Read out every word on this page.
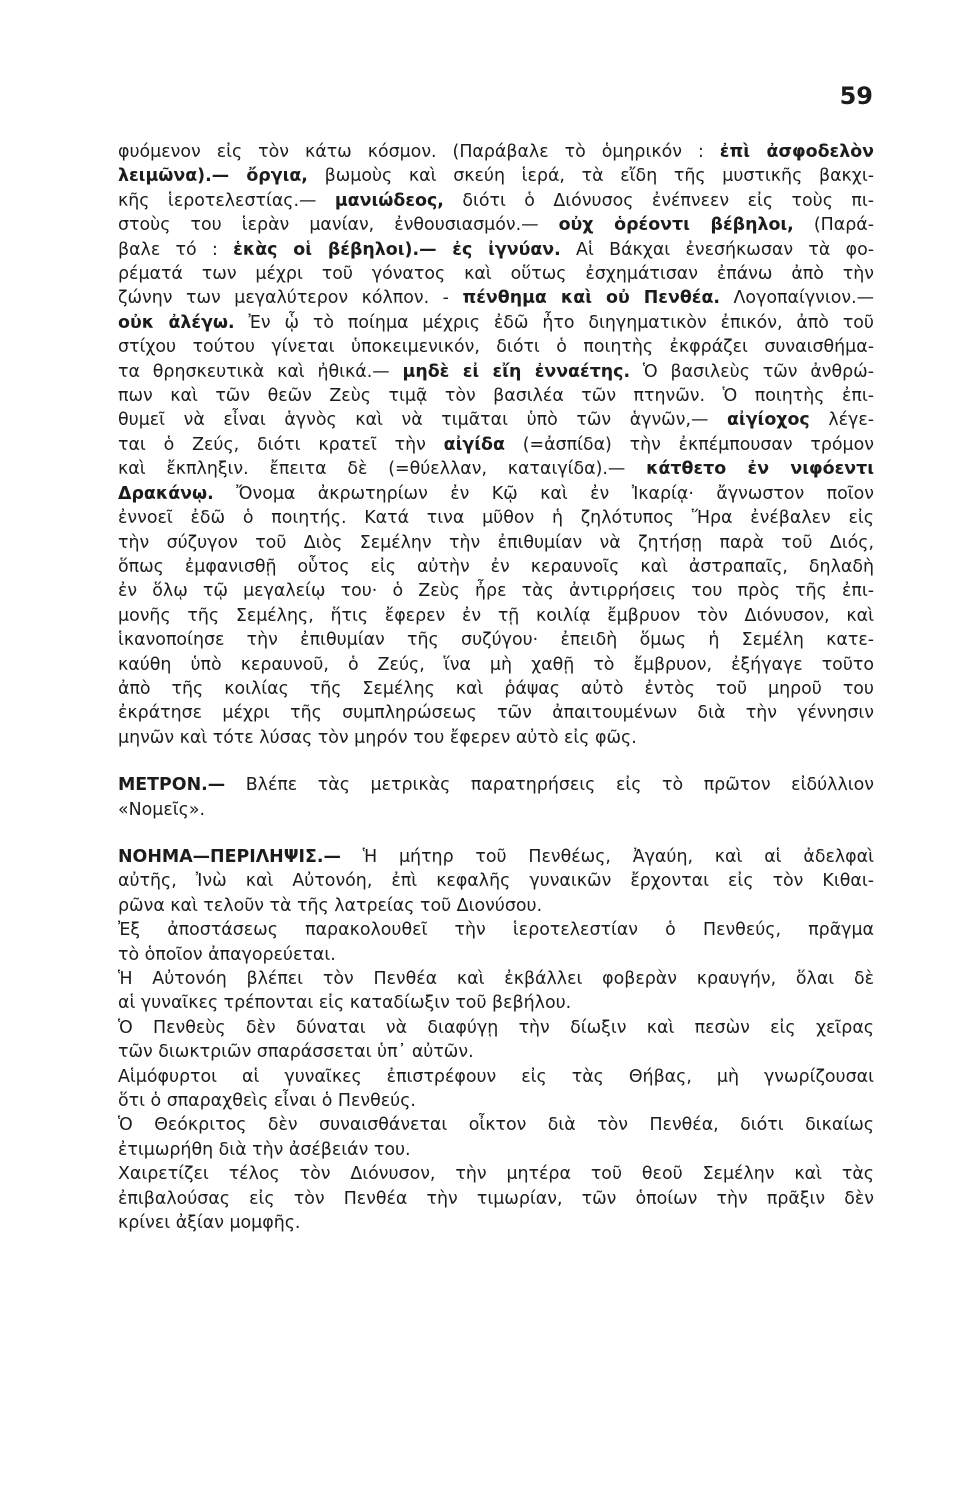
59
φυόμενον εἰς τὸν κάτω κόσμον. (Παράβαλε τὸ ὁμηρικόν : ἐπὶ ἀσφοδελὸν
λειμῶνα).— ὄργια, βωμοὺς καὶ σκεύη ἱερά, τὰ εἴδη τῆς μυστικῆς βακχι-
κῆς ἱεροτελεστίας.— μανιώδεος, διότι ὁ Διόνυσος ἐνέπνεεν εἰς τοὺς πι-
στοὺς του ἱερὰν μανίαν, ἐνθουσιασμόν.— οὐχ ὁρέοντι βέβηλοι, (Παρά-
βαλε τό : ἑκὰς οἱ βέβηλοι).— ἐς ἰγνύαν. Αἱ Βάκχαι ἐνεσήκωσαν τὰ φο-
ρέματά των μέχρι τοῦ γόνατος καὶ οὕτως ἐσχημάτισαν ἐπάνω ἀπὸ τὴν
ζώνην των μεγαλύτερον κόλπον. - πένθημα καὶ οὐ Πενθέα. Λογοπαίγνιον.—
οὐκ ἀλέγω. Ἐν ᾧ τὸ ποίημα μέχρις ἐδῶ ἦτο διηγηματικὸν ἐπικόν, ἀπὸ τοῦ
στίχου τούτου γίνεται ὑποκειμενικόν, διότι ὁ ποιητὴς ἐκφράζει συναισθήμα-
τα θρησκευτικὰ καὶ ἠθικά.— μηδὲ εἰ εἴη ἐνναέτης. Ὁ βασιλεὺς τῶν ἀνθρώ-
πων καὶ τῶν θεῶν Ζεὺς τιμᾷ τὸν βασιλέα τῶν πτηνῶν. Ὁ ποιητὴς ἐπι-
θυμεῖ νὰ εἶναι ἁγνὸς καὶ νὰ τιμᾶται ὑπὸ τῶν ἁγνῶν,— αἰγίοχος λέγε-
ται ὁ Ζεύς, διότι κρατεῖ τὴν αἰγίδα (=ἀσπίδα) τὴν ἐκπέμπουσαν τρόμον
καὶ ἔκπληξιν. ἔπειτα δὲ (=θύελλαν, καταιγίδα).— κάτθετο ἐν νιφόεντι
Δρακάνῳ. Ὄνομα ἀκρωτηρίων ἐν Κῷ καὶ ἐν Ἰκαρίᾳ· ἄγνωστον ποῖον
ἐννοεῖ ἐδῶ ὁ ποιητής. Κατά τινα μῦθον ἡ ζηλότυπος Ἥρα ἐνέβαλεν εἰς
τὴν σύζυγον τοῦ Διὸς Σεμέλην τὴν ἐπιθυμίαν νὰ ζητήσῃ παρὰ τοῦ Διός,
ὅπως ἐμφανισθῇ οὗτος εἰς αὐτὴν ἐν κεραυνοῖς καὶ ἀστραπαῖς, δηλαδὴ
ἐν ὅλῳ τῷ μεγαλείῳ του· ὁ Ζεὺς ἦρε τὰς ἀντιρρήσεις του πρὸς τῆς ἐπι-
μονῆς τῆς Σεμέλης, ἥτις ἔφερεν ἐν τῇ κοιλίᾳ ἔμβρυον τὸν Διόνυσον, καὶ
ἱκανοποίησε τὴν ἐπιθυμίαν τῆς συζύγου· ἐπειδὴ ὅμως ἡ Σεμέλη κατε-
καύθη ὑπὸ κεραυνοῦ, ὁ Ζεύς, ἵνα μὴ χαθῇ τὸ ἔμβρυον, ἐξήγαγε τοῦτο
ἀπὸ τῆς κοιλίας τῆς Σεμέλης καὶ ῥάψας αὐτὸ ἐντὸς τοῦ μηροῦ του
ἐκράτησε μέχρι τῆς συμπληρώσεως τῶν ἀπαιτουμένων διὰ τὴν γέννησιν
μηνῶν καὶ τότε λύσας τὸν μηρόν του ἔφερεν αὐτὸ εἰς φῶς.
ΜΕΤΡΟΝ.— Βλέπε τὰς μετρικὰς παρατηρήσεις εἰς τὸ πρῶτον εἰδύλλιον
«Νομεῖς».
ΝΟΗΜΑ—ΠΕΡΙΛΗΨΙΣ.— Ἡ μήτηρ τοῦ Πενθέως, Ἀγαύη, καὶ αἱ ἀδελφαὶ
αὐτῆς, Ἰνὼ καὶ Αὐτονόη, ἐπὶ κεφαλῆς γυναικῶν ἔρχονται εἰς τὸν Κιθαι-
ρῶνα καὶ τελοῦν τὰ τῆς λατρείας τοῦ Διονύσου.
Ἐξ ἀποστάσεως παρακολουθεῖ τὴν ἱεροτελεστίαν ὁ Πενθεύς, πρᾶγμα
τὸ ὁποῖον ἀπαγορεύεται.
Ἡ Αὐτονόη βλέπει τὸν Πενθέα καὶ ἐκβάλλει φοβερὰν κραυγήν, ὅλαι δὲ
αἱ γυναῖκες τρέπονται εἰς καταδίωξιν τοῦ βεβήλου.
Ὁ Πενθεὺς δὲν δύναται νὰ διαφύγῃ τὴν δίωξιν καὶ πεσὼν εἰς χεῖρας
τῶν διωκτριῶν σπαράσσεται ὑπ᾽ αὐτῶν.
Αἱμόφυρτοι αἱ γυναῖκες ἐπιστρέφουν εἰς τὰς Θήβας, μὴ γνωρίζουσαι
ὅτι ὁ σπαραχθεὶς εἶναι ὁ Πενθεύς.
Ὁ Θεόκριτος δὲν συναισθάνεται οἶκτον διὰ τὸν Πενθέα, διότι δικαίως
ἐτιμωρήθη διὰ τὴν ἀσέβειάν του.
Χαιρετίζει τέλος τὸν Διόνυσον, τὴν μητέρα τοῦ θεοῦ Σεμέλην καὶ τὰς
ἐπιβαλούσας εἰς τὸν Πενθέα τὴν τιμωρίαν, τῶν ὁποίων τὴν πρᾶξιν δὲν
κρίνει ἀξίαν μομφῆς.
